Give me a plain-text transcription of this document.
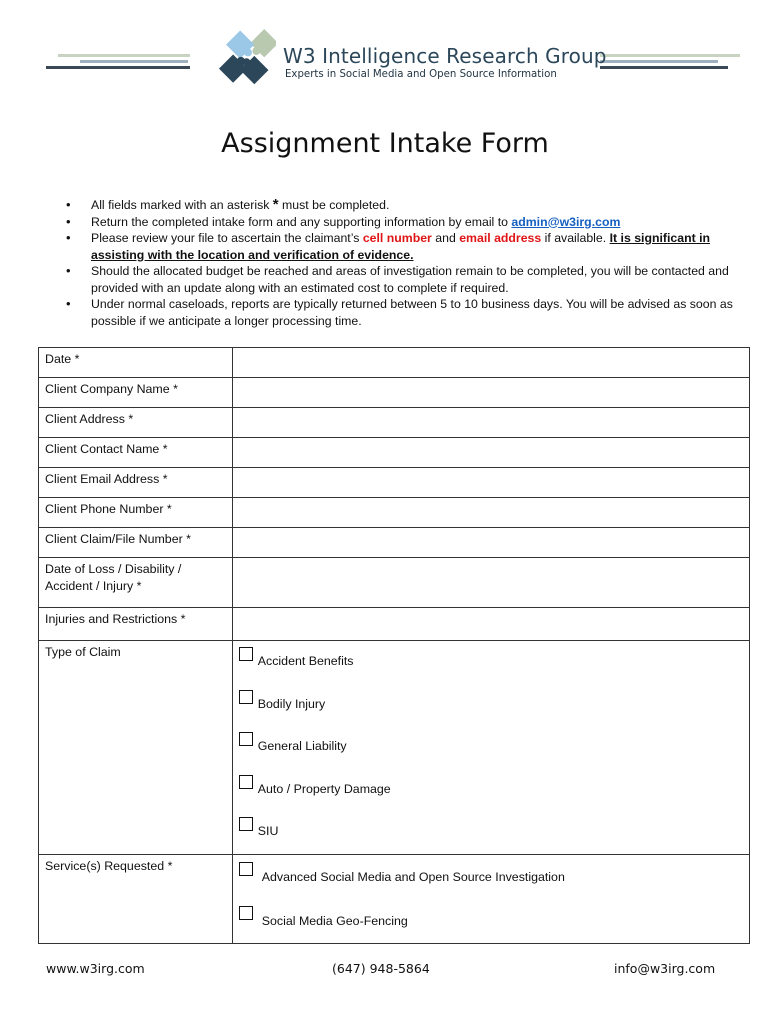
W3 Intelligence Research Group
Experts in Social Media and Open Source Information
Assignment Intake Form
• All fields marked with an asterisk * must be completed.
• Return the completed intake form and any supporting information by email to admin@w3irg.com
• Please review your file to ascertain the claimant’s cell number and email address if available. It is significant in assisting with the location and verification of evidence.
• Should the allocated budget be reached and areas of investigation remain to be completed, you will be contacted and provided with an update along with an estimated cost to complete if required.
• Under normal caseloads, reports are typically returned between 5 to 10 business days. You will be advised as soon as possible if we anticipate a longer processing time.
Date *	
Client Company Name *	
Client Address *	
Client Contact Name *	
Client Email Address *	
Client Phone Number *	
Client Claim/File Number *	
Date of Loss / Disability / Accident / Injury *	
Injuries and Restrictions *	
Type of Claim	Accident Benefits
Bodily Injury
General Liability
Auto / Property Damage
SIU

Service(s) Requested *	Advanced Social Media and Open Source Investigation
Social Media Geo-Fencing
www.w3irg.com	(647) 948-5864	info@w3irg.com
